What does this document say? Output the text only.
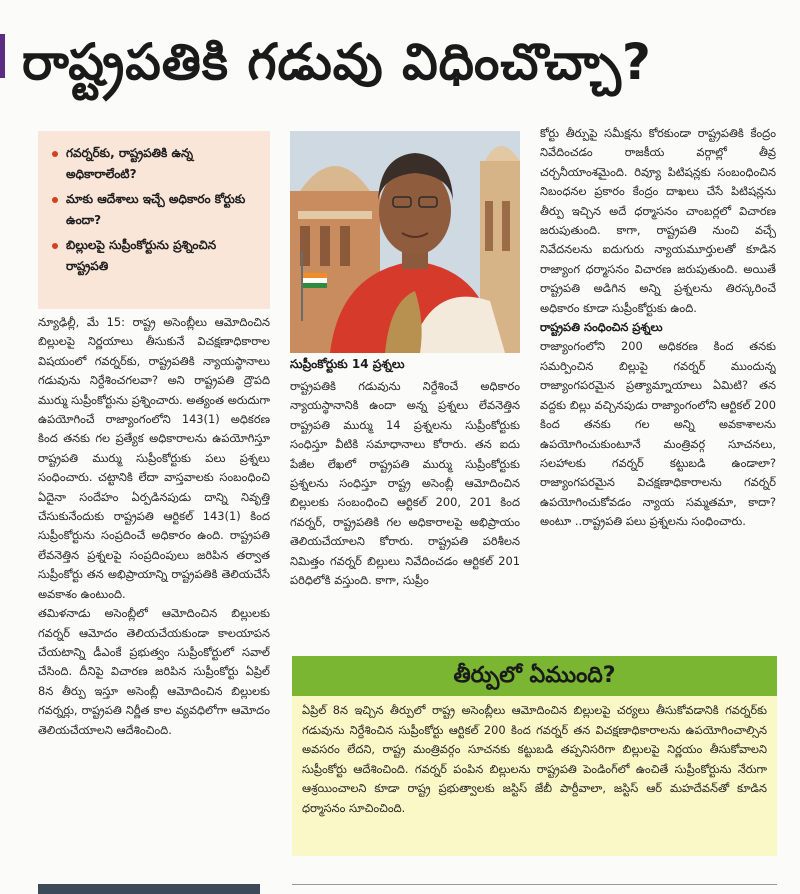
రాష్ట్రపతికి గడువు విధించొచ్చా?
గవర్నర్‌కు, రాష్ట్రపతికి ఉన్న అధికారాలేంటి?
మాకు ఆదేశాలు ఇచ్చే అధికారం కోర్టుకు ఉందా?
బిల్లులపై సుప్రీంకోర్టును ప్రశ్నించిన రాష్ట్రపతి

న్యూఢిల్లీ, మే 15: రాష్ట్ర అసెంబ్లీలు ఆమోదించిన బిల్లులపై నిర్ణయాలు తీసుకునే విచక్షణాధికారాల విషయంలో గవర్నర్‌కు, రాష్ట్రపతికి న్యాయస్థానాలు గడువును నిర్దేశించగలవా? అని రాష్ట్రపతి ద్రౌపది ముర్ము సుప్రీంకోర్టును ప్రశ్నించారు. అత్యంత అరుదుగా ఉపయోగించే రాజ్యాంగంలోని 143(1) అధికరణ కింద తనకు గల ప్రత్యేక అధికారాలను ఉపయోగిస్తూ రాష్ట్రపతి ముర్ము సుప్రీంకోర్టుకు పలు ప్రశ్నలు సంధించారు. చట్టానికి లేదా వాస్తవాలకు సంబంధించి ఏదైనా సందేహం ఏర్పడినపుడు దాన్ని నివృత్తి చేసుకునేందుకు రాష్ట్రపతి ఆర్టికల్ 143(1) కింద సుప్రీంకోర్టును సంప్రదించే అధికారం ఉంది. రాష్ట్రపతి లేవనెత్తిన ప్రశ్నలపై సంప్రదింపులు జరిపిన తర్వాత సుప్రీంకోర్టు తన అభిప్రాయాన్ని రాష్ట్రపతికి తెలియచేసే అవకాశం ఉంటుంది.

తమిళనాడు అసెంబ్లీలో ఆమోదించిన బిల్లులకు గవర్నర్ ఆమోదం తెలియచేయకుండా కాలయాపన చేయటాన్ని డీఎంకే ప్రభుత్వం సుప్రీంకోర్టులో సవాల్ చేసింది. దీనిపై విచారణ జరిపిన సుప్రీంకోర్టు ఏప్రిల్ 8న తీర్పు ఇస్తూ అసెంబ్లీ ఆమోదించిన బిల్లులకు గవర్నర్లు, రాష్ట్రపతి నిర్ణీత కాల వ్యవధిలోగా ఆమోదం తెలియచేయాలని ఆదేశించింది.

సుప్రీంకోర్టుకు 14 ప్రశ్నలు

రాష్ట్రపతికి గడువును నిర్దేశించే అధికారం న్యాయస్థానానికి ఉందా అన్న ప్రశ్నలు లేవనెత్తిన రాష్ట్రపతి ముర్ము 14 ప్రశ్నలను సుప్రీంకోర్టుకు సంధిస్తూ వీటికి సమాధానాలు కోరారు. తన ఐదు పేజీల లేఖలో రాష్ట్రపతి ముర్ము సుప్రీంకోర్టుకు ప్రశ్నలను సంధిస్తూ రాష్ట్ర అసెంబ్లీ ఆమోదించిన బిల్లులకు సంబంధించి ఆర్టికల్ 200, 201 కింద గవర్నర్, రాష్ట్రపతికి గల అధికారాలపై అభిప్రాయం తెలియచేయాలని కోరారు. రాష్ట్రపతి పరిశీలన నిమిత్తం గవర్నర్ బిల్లులు నివేదించడం ఆర్టికల్ 201 పరిధిలోకి వస్తుంది. కాగా, సుప్రీం

కోర్టు తీర్పుపై సమీక్షను కోరకుండా రాష్ట్రపతికి కేంద్రం నివేదించడం రాజకీయ వర్గాల్లో తీవ్ర చర్చనీయాంశమైంది. రివ్యూ పిటిషన్లకు సంబంధించిన నిబంధనల ప్రకారం కేంద్రం దాఖలు చేసే పిటిషన్లను తీర్పు ఇచ్చిన అదే ధర్మాసనం చాంబర్లలో విచారణ జరుపుతుంది. కాగా, రాష్ట్రపతి నుంచి వచ్చే నివేదనలను ఐదుగురు న్యాయమూర్తులతో కూడిన రాజ్యాంగ ధర్మాసనం విచారణ జరుపుతుంది. అయితే రాష్ట్రపతి అడిగిన అన్ని ప్రశ్నలను తిరస్కరించే అధికారం కూడా సుప్రీంకోర్టుకు ఉంది.

రాష్ట్రపతి సంధించిన ప్రశ్నలు

రాజ్యాంగంలోని 200 అధికరణ కింద తనకు సమర్పించిన బిల్లుపై గవర్నర్ ముందున్న రాజ్యాంగపరమైన ప్రత్యామ్నాయాలు ఏమిటి? తన వద్దకు బిల్లు వచ్చినపుడు రాజ్యాంగంలోని ఆర్టికల్ 200 కింద తనకు గల అన్ని అవకాశాలను ఉపయోగించుకుంటూనే మంత్రివర్గ సూచనలు, సలహాలకు గవర్నర్ కట్టుబడి ఉండాలా? రాజ్యాంగపరమైన విచక్షణాధికారాలను గవర్నర్ ఉపయోగించుకోవడం న్యాయ సమ్మతమా, కాదా? అంటూ ..రాష్ట్రపతి పలు ప్రశ్నలను సంధించారు.

తీర్పులో ఏముంది?
ఏప్రిల్ 8న ఇచ్చిన తీర్పులో రాష్ట్ర అసెంబ్లీలు ఆమోదించిన బిల్లులపై చర్యలు తీసుకోవడానికి గవర్నర్‌కు గడువును నిర్దేశించిన సుప్రీంకోర్టు ఆర్టికల్ 200 కింద గవర్నర్ తన విచక్షణాధికారాలను ఉపయోగించాల్సిన అవసరం లేదని, రాష్ట్ర మంత్రివర్గం సూచనకు కట్టుబడి తప్పనిసరిగా బిల్లులపై నిర్ణయం తీసుకోవాలని సుప్రీంకోర్టు ఆదేశించింది. గవర్నర్ పంపిన బిల్లులను రాష్ట్రపతి పెండింగ్‌లో ఉంచితే సుప్రీంకోర్టును నేరుగా ఆశ్రయించాలని కూడా రాష్ట్ర ప్రభుత్వాలకు జస్టిస్ జేబీ పార్దీవాలా, జస్టిస్ ఆర్ మహదేవన్‌తో కూడిన ధర్మాసనం సూచించింది.
